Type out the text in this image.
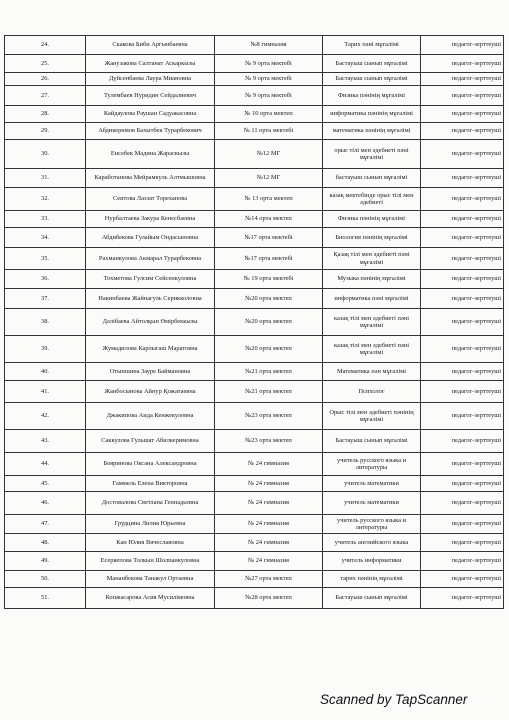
24.	Скакова Биби Аргынбаевна	№8 гимназия	Тарих пәні мұғалімі	педагог-зерттеуші
25.	Жанузакова Салтанат Аскаркызы	№ 9 орта мектебі	Бастауыш сынып мұғалімі	педагог-зерттеуші
26.	Дүйсенбаева Лаура Миановна	№ 9 орта мектебі	Бастауыш сынып мұғалімі	педагог-зерттеуші
27.	Тулембаев Нуридин Сейдалиевич	№ 9 орта мектебі	Физика пәнінің мұғалімі	педагог-зерттеуші
28.	Кайдаулова Раушан Садуакасовна	№ 10 орта мектеп	информатика пәнінің мұғалімі	педагог-зерттеуші
29.	Абдикеримов Бахытбек Турарбекович	№ 11 орта мектебі	математика пәнінің мұғалімі	педагог-зерттеуші
30.	Енсебек Мадина Жараскызы	№12 МГ	орыс тілі мен әдебиеті пәні мұғалімі	педагог-зерттеуші
31.	Каработанова Мейрамкуль Алтмышовна	№12 МГ	бастауыш сынып мұғалімі	педагог-зерттеуші
32.	Сеитова Лаззат Тореханова	№ 13 орта мектеп	казақ мектебінде орыс тілі мен әдебиеті	педагог-зерттеуші
33.	Нурбалтаева Закура Кенесбаевна	№14 орта мектеп	Физика пәнінің мұғалімі	педагог-зерттеуші
34.	Абдибекова Гулайым Ондасыновна	№17 орта мектебі	Биология пәнінің мұғалімі	педагог-зерттеуші
35.	Рахманкулова Акмарал Турарбековна	№17 орта мектебі	Қазақ тілі мен әдебиеті пәні мұғалімі	педагог-зерттеуші
36.	Тохметова Гулсим Сейсенкуловна	№ 19 орта мектебі	Музыка пәнінің мұғалімі	педагог-зерттеуші
37.	Накипбаева Жайнагуль Серикколовна	№20 орта мектеп	информатика пәні мұғалімі	педагог-зерттеуші
38.	Дәлібаева Айтолқын Өмірбеккызы	№20 орта мектеп	казақ тілі мен әдебиеті пәні мұғалімі	педагог-зерттеуші
39.	Жумадилова Карлыгаш Маратовна	№20 орта мектеп	казақ тілі мен әдебиеті пәні мұғалімі	педагог-зерттеуші
40.	Отыншина Зауре Баймановна	№21 орта мектеп	Математика пән мұғалімі	педагог-зерттеуші
41.	Жанбосынова Айнур Қожатаевна	№21 орта мектеп	Психолог	педагог-зерттеуші
42.	Джакипова Аида Кенжекуловна	№23 орта мектеп	Орыс тілі мен әдебиеті пәнінің мұғалімі	педагог-зерттеуші
43.	Саккулова Гульшат Абилкеримовна	№23 орта мектеп	Бастауыш сынып мұғалімі	педагог-зерттеуші
44.	Бояринова Оксана Александровна	№ 24 гимназия	учитель русского языка и литературы	педагог-зерттеуші
45.	Гаммель Елена Викторовна	№ 24 гимназия	учитель математики	педагог-зерттеуші
46.	Достовалова Светлана Геннадьевна	№ 24 гимназия	учитель математики	педагог-зерттеуші
47.	Грудцина Лилия Юрьевна	№ 24 гимназия	учитель русского языка и литературы	педагог-зерттеуші
48.	Кан Юлия Вячеславовна	№ 24 гимназия	учитель английского языка	педагог-зерттеуші
49.	Есеркепова Толкын Шолпанкуловна	№ 24 гимназия	учитель информатики	педагог-зерттеуші
50.	Мананбекова Танакул Ортаевна	№27 орта мектеп	тарих пәнінің мұғалімі	педагог-зерттеуші
51.	Копжасарова Асия Мусилімовна	№28 орта мектеп	Бастауыш сынып мұғалімі	педагог-зерттеуші
Scanned by TapScanner
